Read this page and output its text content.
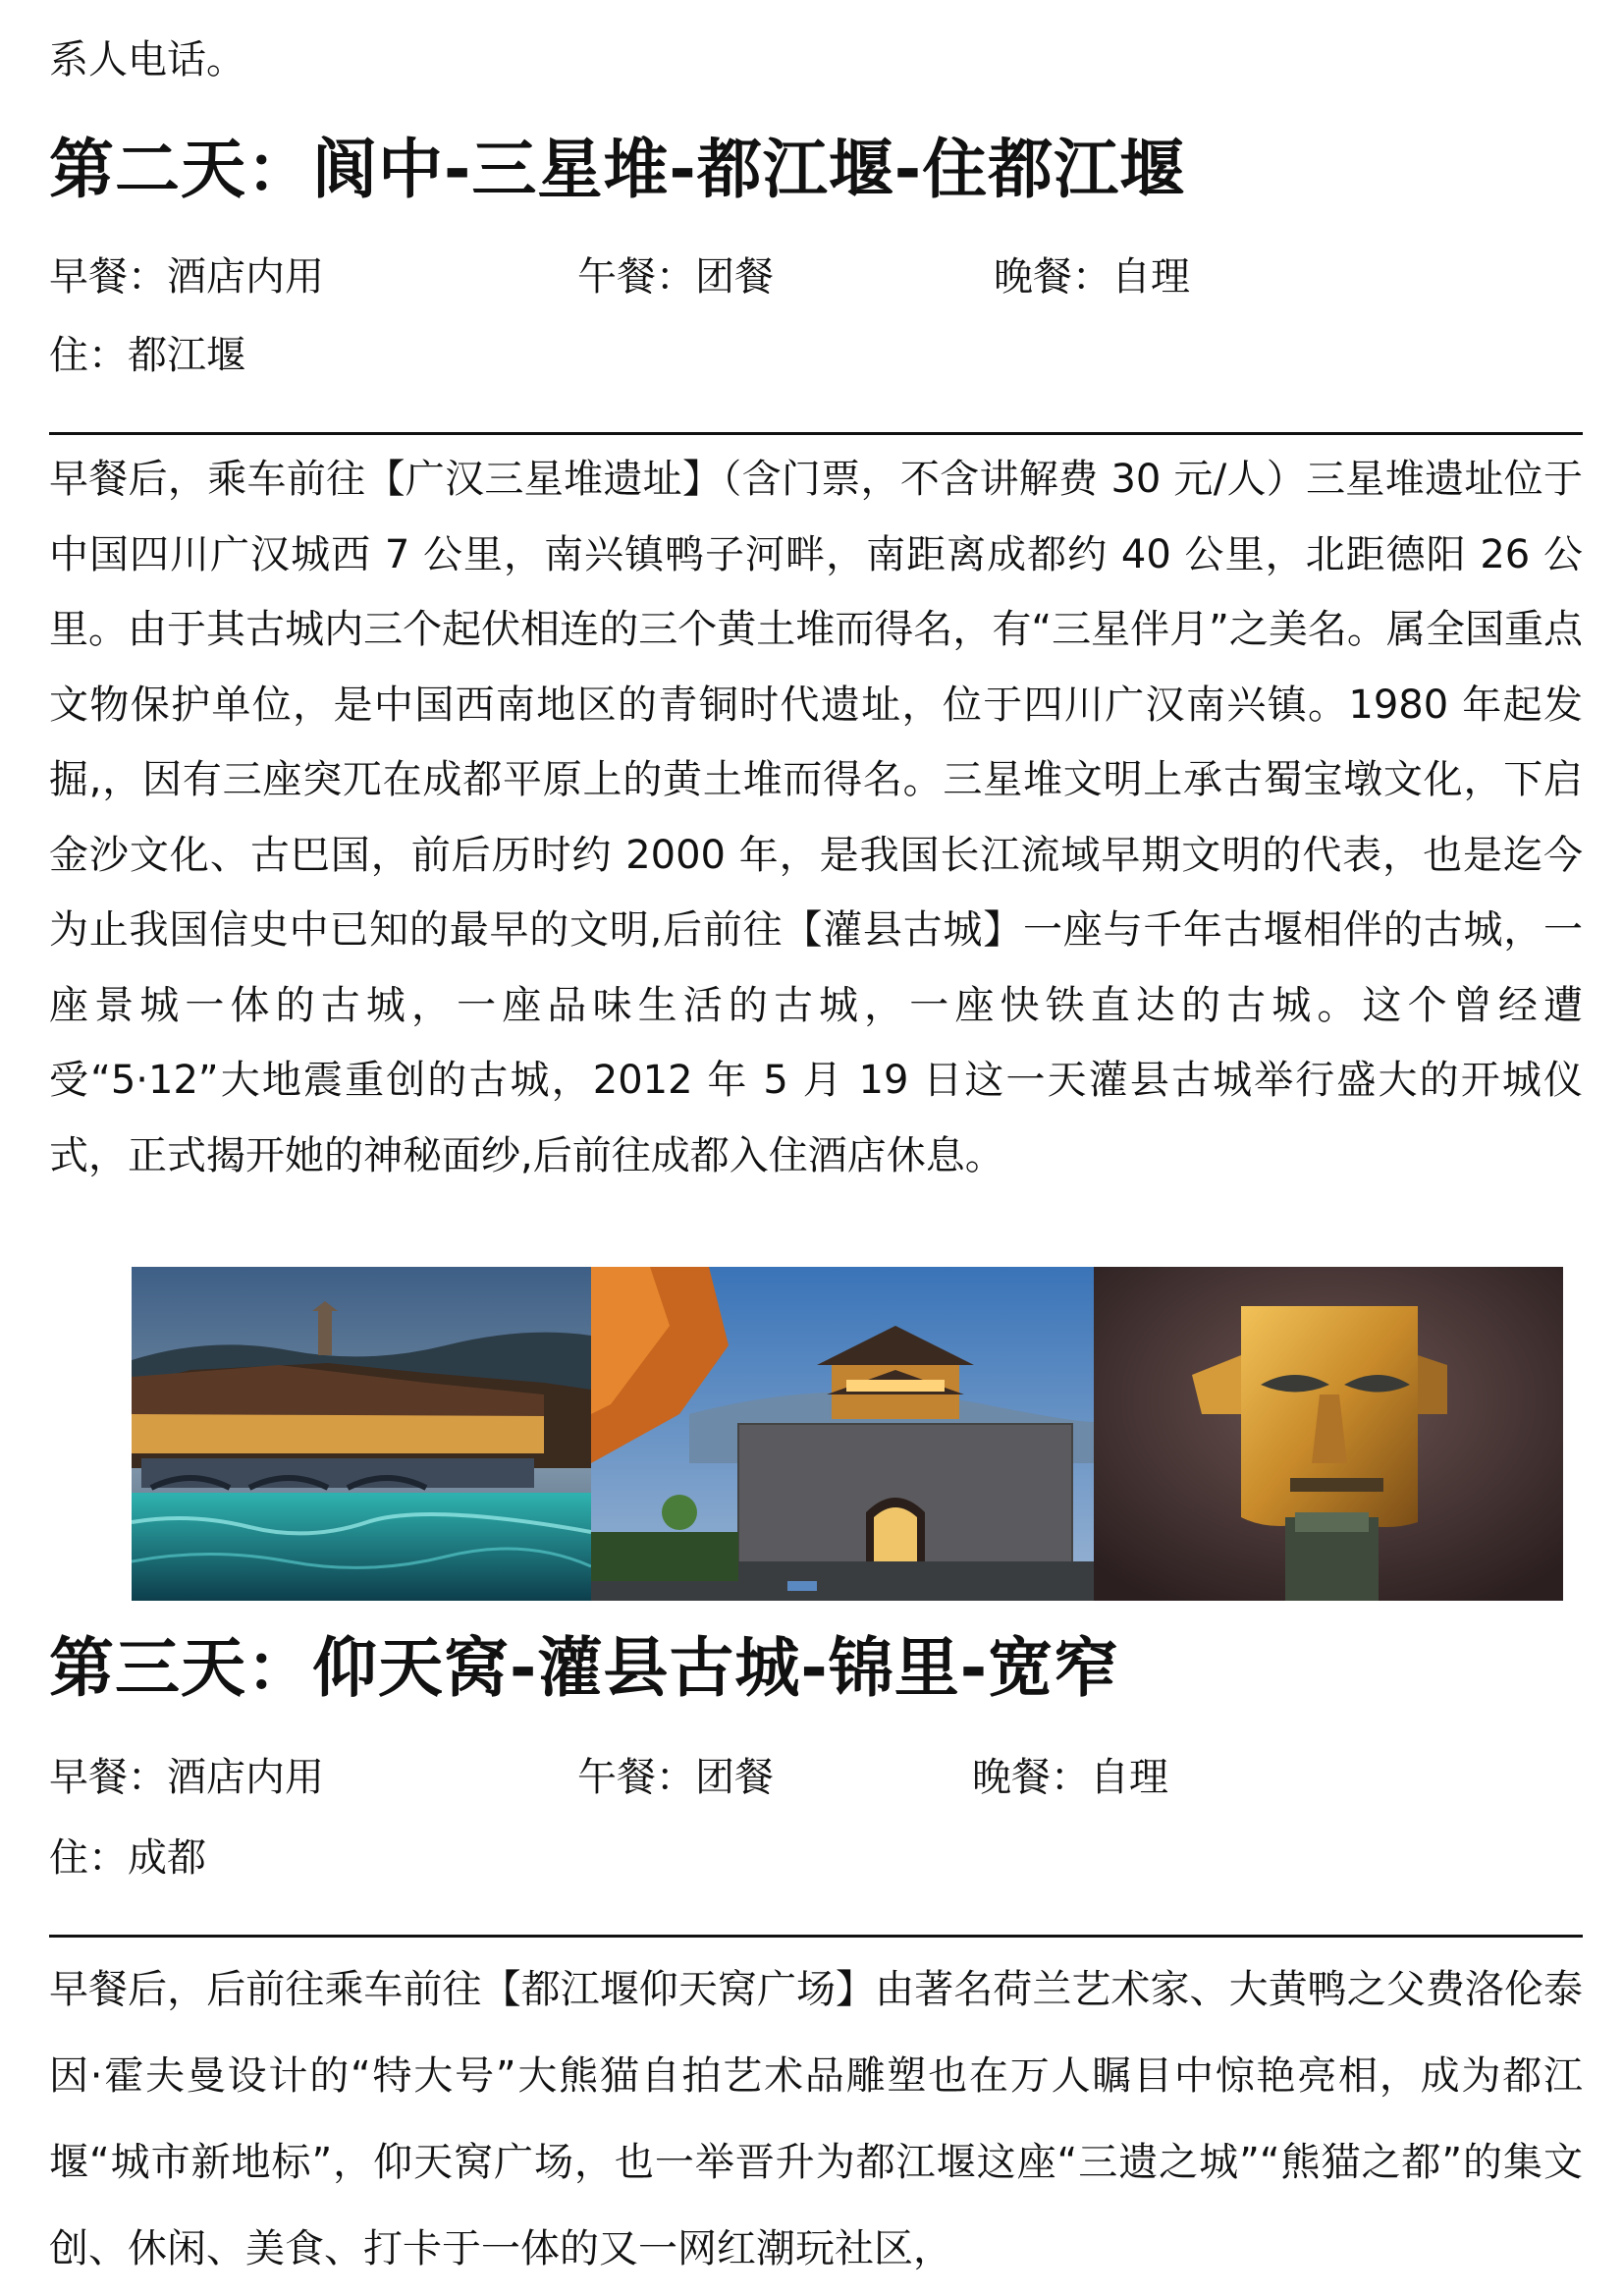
系人电话。
第二天：阆中-三星堆-都江堰-住都江堰
早餐：酒店内用	午餐：团餐	晚餐：自理
住：都江堰

早餐后，乘车前往【广汉三星堆遗址】（含门票，不含讲解费 30 元/人）三星堆遗址位于中国四川广汉城西 7 公里，南兴镇鸭子河畔，南距离成都约 40 公里，北距德阳 26 公里。由于其古城内三个起伏相连的三个黄土堆而得名，有“三星伴月”之美名。属全国重点文物保护单位，是中国西南地区的青铜时代遗址，位于四川广汉南兴镇。1980 年起发掘,，因有三座突兀在成都平原上的黄土堆而得名。三星堆文明上承古蜀宝墩文化，下启金沙文化、古巴国，前后历时约 2000 年，是我国长江流域早期文明的代表，也是迄今为止我国信史中已知的最早的文明,后前往【灌县古城】一座与千年古堰相伴的古城，一座景城一体的古城，一座品味生活的古城，一座快铁直达的古城。这个曾经遭受“5·12”大地震重创的古城，2012 年 5 月 19 日这一天灌县古城举行盛大的开城仪式，正式揭开她的神秘面纱,后前往成都入住酒店休息。

第三天：仰天窝-灌县古城-锦里-宽窄
早餐：酒店内用	午餐：团餐	晚餐：自理
住：成都

早餐后，后前往乘车前往【都江堰仰天窝广场】由著名荷兰艺术家、大黄鸭之父费洛伦泰因·霍夫曼设计的“特大号”大熊猫自拍艺术品雕塑也在万人瞩目中惊艳亮相，成为都江堰“城市新地标”，仰天窝广场，也一举晋升为都江堰这座“三遗之城”“熊猫之都”的集文创、休闲、美食、打卡于一体的又一网红潮玩社区，
